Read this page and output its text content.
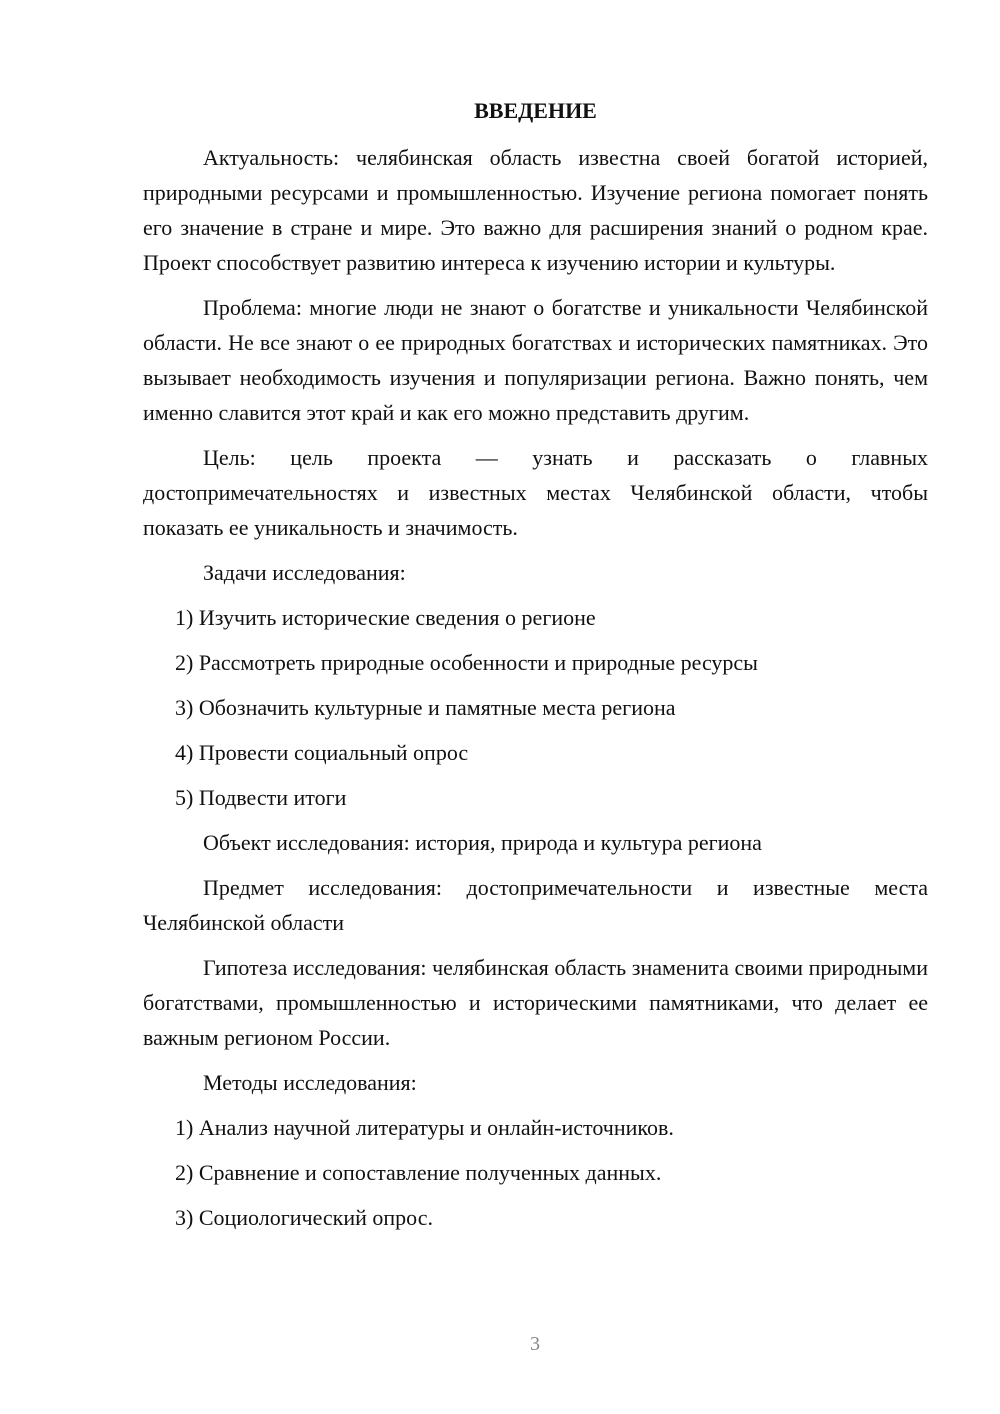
ВВЕДЕНИЕ

Актуальность: челябинская область известна своей богатой историей, природными ресурсами и промышленностью. Изучение региона помогает понять его значение в стране и мире. Это важно для расширения знаний о родном крае. Проект способствует развитию интереса к изучению истории и культуры.

Проблема: многие люди не знают о богатстве и уникальности Челябинской области. Не все знают о ее природных богатствах и исторических памятниках. Это вызывает необходимость изучения и популяризации региона. Важно понять, чем именно славится этот край и как его можно представить другим.

Цель: цель проекта — узнать и рассказать о главных достопримечательностях и известных местах Челябинской области, чтобы показать ее уникальность и значимость.

Задачи исследования:

1) Изучить исторические сведения о регионе
2) Рассмотреть природные особенности и природные ресурсы
3) Обозначить культурные и памятные места региона
4) Провести социальный опрос
5) Подвести итоги

Объект исследования: история, природа и культура региона

Предмет исследования: достопримечательности и известные места Челябинской области

Гипотеза исследования: челябинская область знаменита своими природными богатствами, промышленностью и историческими памятниками, что делает ее важным регионом России.

Методы исследования:

1) Анализ научной литературы и онлайн-источников.
2) Сравнение и сопоставление полученных данных.
3) Социологический опрос.
3
